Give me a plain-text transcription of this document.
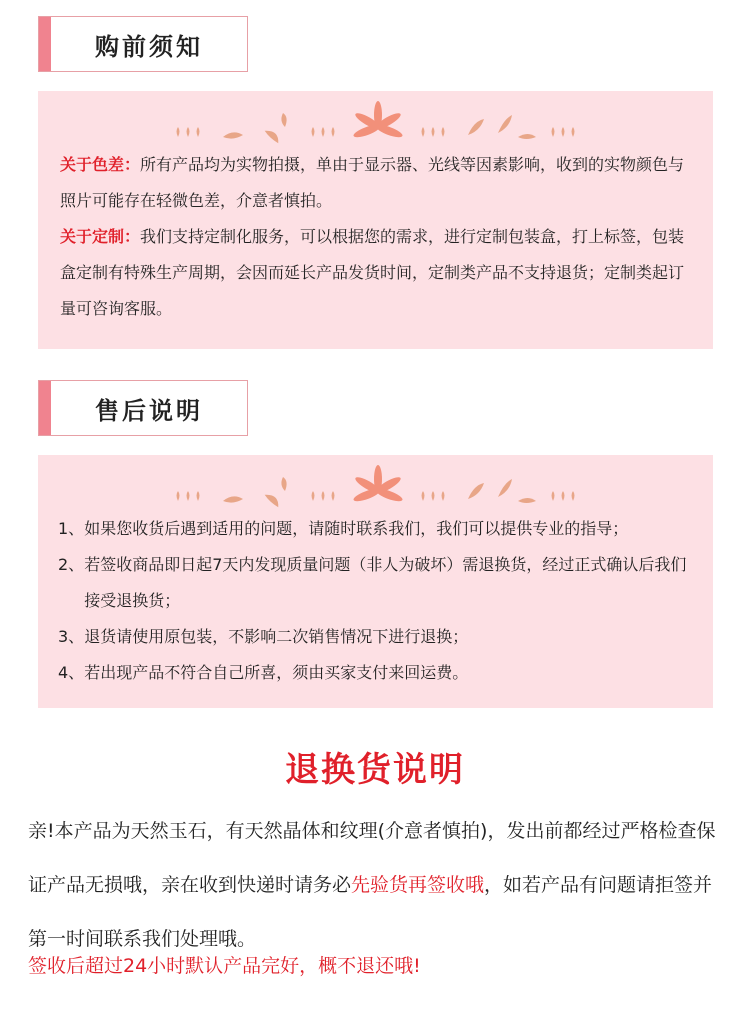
购前须知
关于色差：所有产品均为实物拍摄，单由于显示器、光线等因素影响，收到的实物颜色与照片可能存在轻微色差，介意者慎拍。
关于定制：我们支持定制化服务，可以根据您的需求，进行定制包装盒，打上标签，包装盒定制有特殊生产周期，会因而延长产品发货时间，定制类产品不支持退货；定制类起订量可咨询客服。
售后说明
1、 如果您收货后遇到适用的问题，请随时联系我们，我们可以提供专业的指导；
2、 若签收商品即日起7天内发现质量问题（非人为破坏）需退换货，经过正式确认后我们接受退换货；
3、 退货请使用原包装，不影响二次销售情况下进行退换；
4、 若出现产品不符合自己所喜，须由买家支付来回运费。
退换货说明
亲!本产品为天然玉石，有天然晶体和纹理(介意者慎拍)，发出前都经过严格检查保证产品无损哦，亲在收到快递时请务必先验货再签收哦，如若产品有问题请拒签并第一时间联系我们处理哦。
签收后超过24小时默认产品完好，概不退还哦!
